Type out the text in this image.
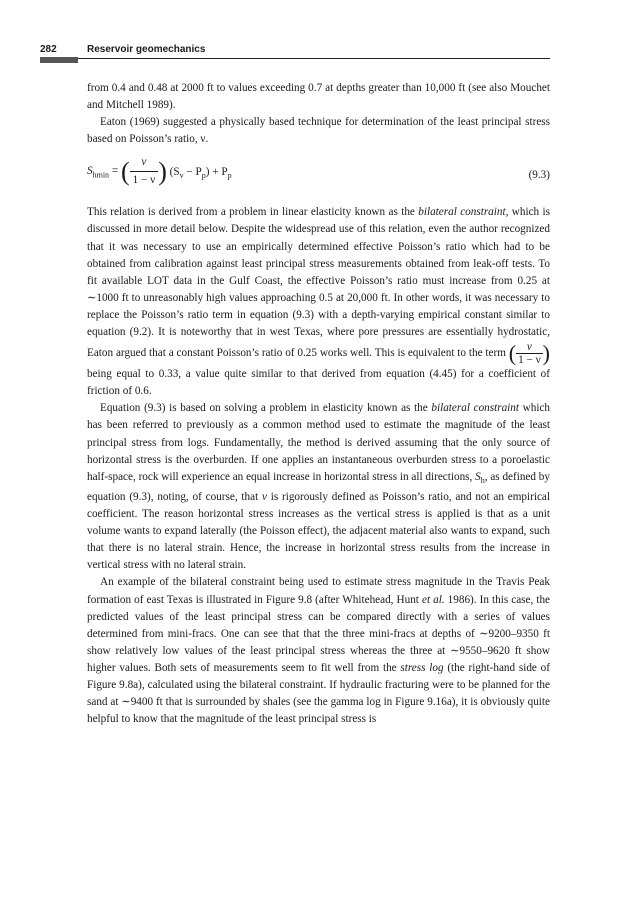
282	Reservoir geomechanics

from 0.4 and 0.48 at 2000 ft to values exceeding 0.7 at depths greater than 10,000 ft (see also Mouchet and Mitchell 1989).

Eaton (1969) suggested a physically based technique for determination of the least principal stress based on Poisson’s ratio, ν.

$S_{hmin}$ = ( $\frac{\nu}{1 - \nu}$ ) $(S_v - P_p) + P_p$	(9.3)

This relation is derived from a problem in linear elasticity known as the bilateral constraint, which is discussed in more detail below. Despite the widespread use of this relation, even the author recognized that it was necessary to use an empirically determined effective Poisson’s ratio which had to be obtained from calibration against least principal stress measurements obtained from leak-off tests. To fit available LOT data in the Gulf Coast, the effective Poisson’s ratio must increase from 0.25 at ∼1000 ft to unreasonably high values approaching 0.5 at 20,000 ft. In other words, it was necessary to replace the Poisson’s ratio term in equation (9.3) with a depth-varying empirical constant similar to equation (9.2). It is noteworthy that in west Texas, where pore pressures are essentially hydrostatic, Eaton argued that a constant Poisson’s ratio of 0.25 works well. This is equivalent to the term ( $\frac{\nu}{1 - \nu}$ ) being equal to 0.33, a value quite similar to that derived from equation (4.45) for a coefficient of friction of 0.6.

Equation (9.3) is based on solving a problem in elasticity known as the bilateral constraint which has been referred to previously as a common method used to estimate the magnitude of the least principal stress from logs. Fundamentally, the method is derived assuming that the only source of horizontal stress is the overburden. If one applies an instantaneous overburden stress to a poroelastic half-space, rock will experience an equal increase in horizontal stress in all directions, $S_h$, as defined by equation (9.3), noting, of course, that ν is rigorously defined as Poisson’s ratio, and not an empirical coefficient. The reason horizontal stress increases as the vertical stress is applied is that as a unit volume wants to expand laterally (the Poisson effect), the adjacent material also wants to expand, such that there is no lateral strain. Hence, the increase in horizontal stress results from the increase in vertical stress with no lateral strain.

An example of the bilateral constraint being used to estimate stress magnitude in the Travis Peak formation of east Texas is illustrated in Figure 9.8 (after Whitehead, Hunt et al. 1986). In this case, the predicted values of the least principal stress can be compared directly with a series of values determined from mini-fracs. One can see that that the three mini-fracs at depths of ∼9200–9350 ft show relatively low values of the least principal stress whereas the three at ∼9550–9620 ft show higher values. Both sets of measurements seem to fit well from the stress log (the right-hand side of Figure 9.8a), calculated using the bilateral constraint. If hydraulic fracturing were to be planned for the sand at ∼9400 ft that is surrounded by shales (see the gamma log in Figure 9.16a), it is obviously quite helpful to know that the magnitude of the least principal stress is
